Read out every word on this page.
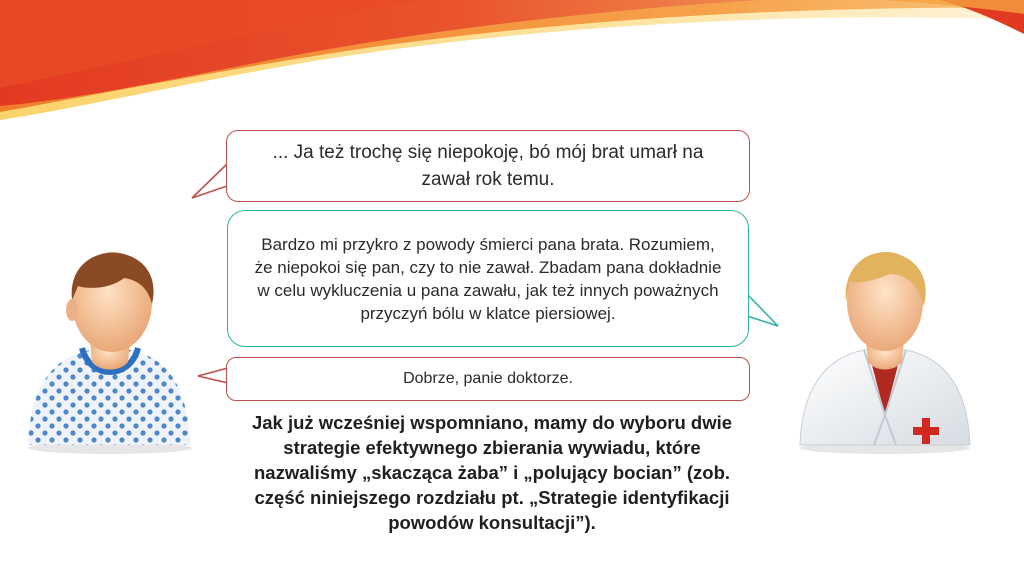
... Ja też trochę się niepokoję, bó mój brat umarł na zawał rok temu.
Bardzo mi przykro z powody śmierci pana brata. Rozumiem, że niepokoi się pan, czy to nie zawał. Zbadam pana dokładnie w celu wykluczenia u pana zawału, jak też innych poważnych przyczyń bólu w klatce piersiowej.
Dobrze, panie doktorze.
Jak już wcześniej wspomniano, mamy do wyboru dwie strategie efektywnego zbierania wywiadu, które nazwaliśmy „skacząca żaba” i „polujący bocian” (zob. część niniejszego rozdziału pt. „Strategie identyfikacji powodów konsultacji”).
